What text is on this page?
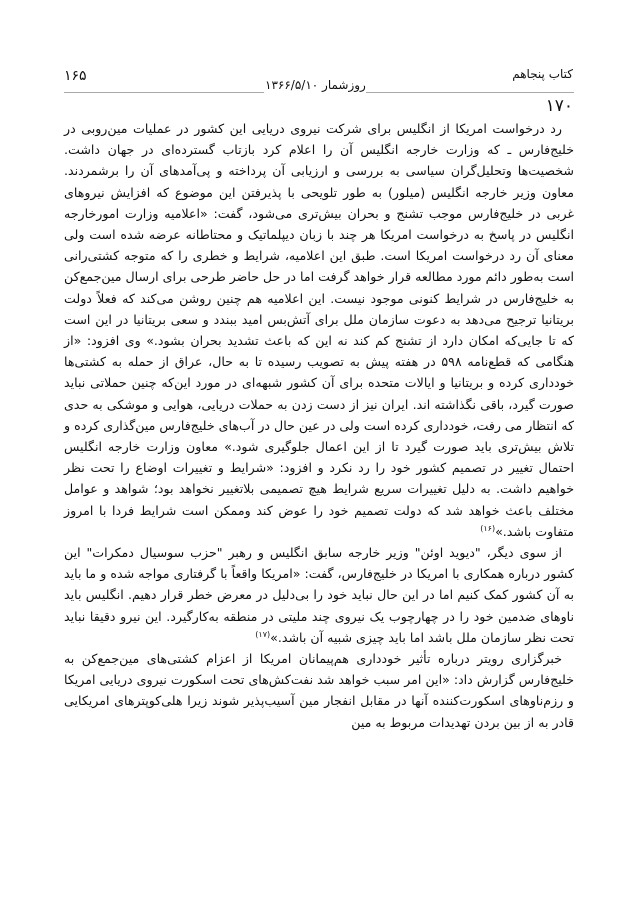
۱۶۵	کتاب پنجاهم
روزشمار ۱۳۶۶/۵/۱۰
۱۷۰

رد درخواست امریکا از انگلیس برای شرکت نیروی دریایی این کشور در عملیات مین‌روبی در خلیج‌فارس ـ که وزارت خارجه انگلیس آن را اعلام کرد بازتاب گسترده‌ای در جهان داشت. شخصیت‌ها وتحلیل‌گران سیاسی به بررسی و ارزیابی آن پرداخته و پی‌آمدهای آن را برشمردند. معاون وزیر خارجه انگلیس (میلور) به طور تلویحی با پذیرفتن این موضوع که افزایش نیروهای غربی در خلیج‌فارس موجب تشنج و بحران بیش‌تری می‌شود، گفت: «اعلامیه وزارت امورخارجه انگلیس در پاسخ به درخواست امریکا هر چند با زبان دیپلماتیک و محتاطانه عرضه شده است ولی معنای آن رد درخواست امریکا است. طبق این اعلامیه، شرایط و خطری را که متوجه کشتی‌رانی است به‌طور دائم مورد مطالعه قرار خواهد گرفت اما در حل حاضر طرحی برای ارسال مین‌جمع‌کن به خلیج‌فارس در شرایط کنونی موجود نیست. این اعلامیه هم چنین روشن می‌کند که فعلاً دولت بریتانیا ترجیح می‌دهد به دعوت سازمان ملل برای آتش‌بس امید ببندد و سعی بریتانیا در این است که تا جایی‌که امکان دارد از تشنج کم کند نه این که باعث تشدید بحران بشود.» وی افزود: «از هنگامی که قطع‌نامه ۵۹۸ در هفته پیش به تصویب رسیده تا به حال، عراق از حمله به کشتی‌ها خودداری کرده و بریتانیا و ایالات متحده برای آن کشور شبهه‌ای در مورد این‌که چنین حملاتی نباید صورت گیرد، باقی نگذاشته اند. ایران نیز از دست زدن به حملات دریایی، هوایی و موشکی به حدی که انتظار می رفت، خودداری کرده است ولی در عین حال در آب‌های خلیج‌فارس مین‌گذاری کرده و تلاش بیش‌تری باید صورت گیرد تا از این اعمال جلوگیری شود.» معاون وزارت خارجه انگلیس احتمال تغییر در تصمیم کشور خود را رد نکرد و افزود: «شرایط و تغییرات اوضاع را تحت نظر خواهیم داشت. به دلیل تغییرات سریع شرایط هیچ تصمیمی بلاتغییر نخواهد بود؛ شواهد و عوامل مختلف باعث خواهد شد که دولت تصمیم خود را عوض کند وممکن است شرایط فردا با امروز متفاوت باشد.»$^{(۱۶)}$

از سوی دیگر، "دیوید اوئن" وزیر خارجه سابق انگلیس و رهبر "حزب سوسیال دمکرات" این کشور درباره همکاری با امریکا در خلیج‌فارس، گفت: «امریکا واقعاً با گرفتاری مواجه شده و ما باید به آن کشور کمک کنیم اما در این حال نباید خود را بی‌دلیل در معرض خطر قرار دهیم. انگلیس باید ناوهای ضدمین خود را در چهارچوب یک نیروی چند ملیتی در منطقه به‌کارگیرد. این نیرو دقیقا نباید تحت نظر سازمان ملل باشد اما باید چیزی شبیه آن باشد.»$^{(۱۷)}$

خبرگزاری رویتر درباره تأثیر خودداری هم‌پیمانان امریکا از اعزام کشتی‌های مین‌جمع‌کن به خلیج‌فارس گزارش داد: «این امر سبب خواهد شد نفت‌کش‌های تحت اسکورت نیروی دریایی امریکا و رزم‌ناوهای اسکورت‌کننده آنها در مقابل انفجار مین آسیب‌پذیر شوند زیرا هلی‌کوپترهای امریکایی قادر به از بین بردن تهدیدات مربوط به مین
